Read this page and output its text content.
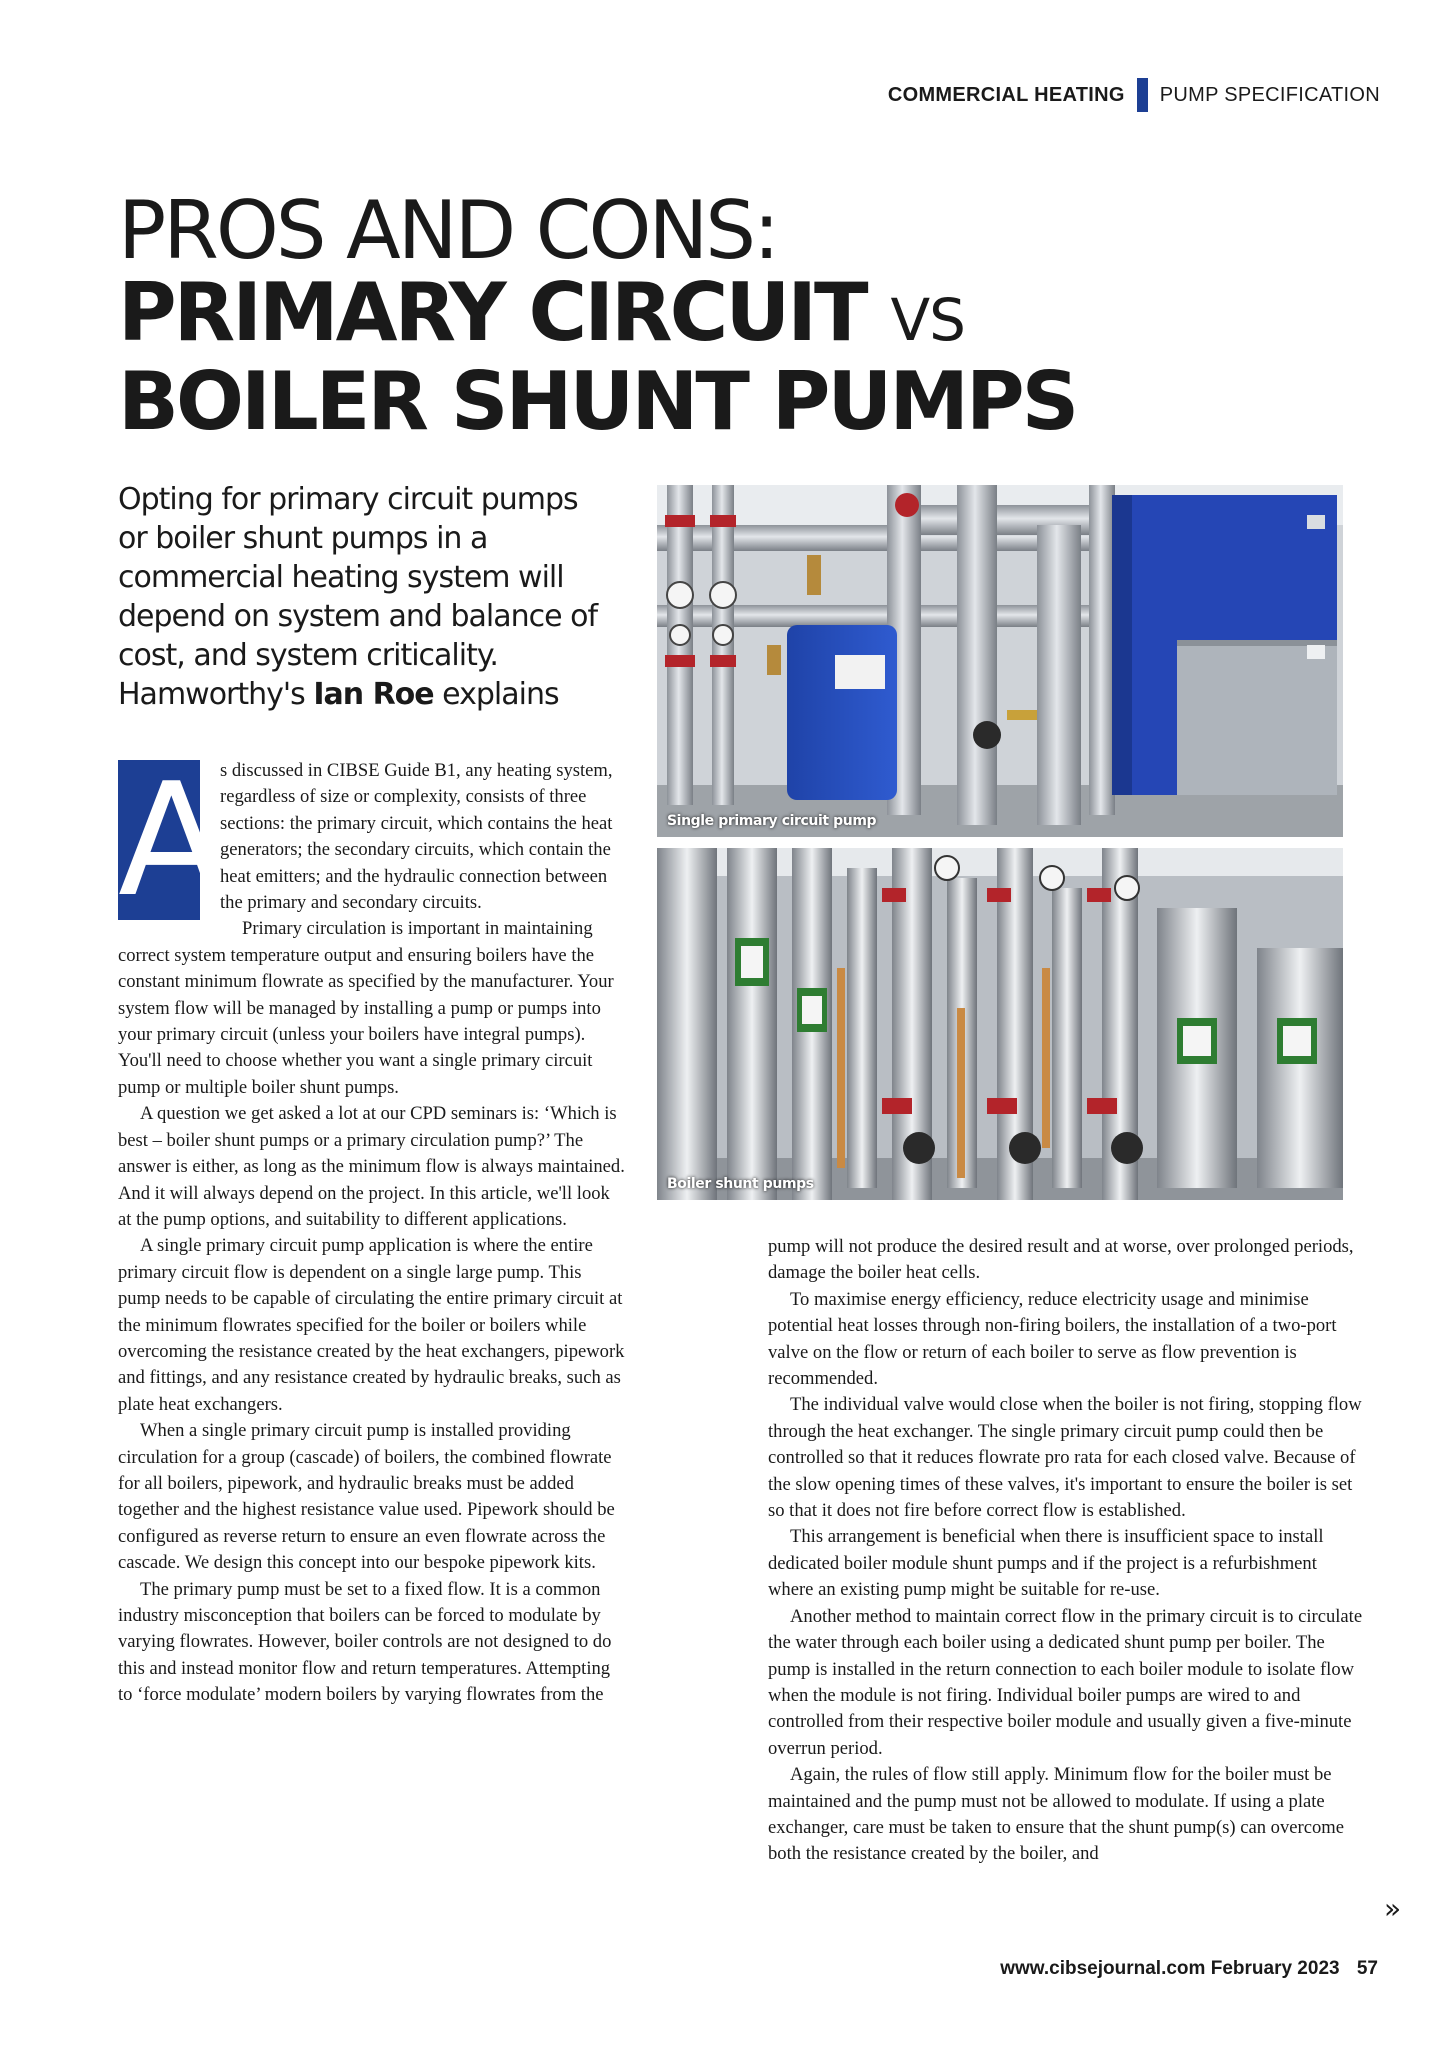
COMMERCIAL HEATING PUMP SPECIFICATION
PROS AND CONS:
PRIMARY CIRCUIT VS
BOILER SHUNT PUMPS
Opting for primary circuit pumps or boiler shunt pumps in a commercial heating system will depend on system and balance of cost, and system criticality. Hamworthy's Ian Roe explains
Single primary circuit pump
Boiler shunt pumps
A

s discussed in CIBSE Guide B1, any heating system, regardless of size or complexity, consists of three sections: the primary circuit, which contains the heat generators; the secondary circuits, which contain the heat emitters; and the hydraulic connection between the primary and secondary circuits.

Primary circulation is important in maintaining correct system temperature output and ensuring boilers have the constant minimum flowrate as specified by the manufacturer. Your system flow will be managed by installing a pump or pumps into your primary circuit (unless your boilers have integral pumps). You'll need to choose whether you want a single primary circuit pump or multiple boiler shunt pumps.

A question we get asked a lot at our CPD seminars is: ‘Which is best – boiler shunt pumps or a primary circulation pump?’ The answer is either, as long as the minimum flow is always maintained. And it will always depend on the project. In this article, we'll look at the pump options, and suitability to different applications.

A single primary circuit pump application is where the entire primary circuit flow is dependent on a single large pump. This pump needs to be capable of circulating the entire primary circuit at the minimum flowrates specified for the boiler or boilers while overcoming the resistance created by the heat exchangers, pipework and fittings, and any resistance created by hydraulic breaks, such as plate heat exchangers.

When a single primary circuit pump is installed providing circulation for a group (cascade) of boilers, the combined flowrate for all boilers, pipework, and hydraulic breaks must be added together and the highest resistance value used. Pipework should be configured as reverse return to ensure an even flowrate across the cascade. We design this concept into our bespoke pipework kits.

The primary pump must be set to a fixed flow. It is a common industry misconception that boilers can be forced to modulate by varying flowrates. However, boiler controls are not designed to do this and instead monitor flow and return temperatures. Attempting to ‘force modulate’ modern boilers by varying flowrates from the

pump will not produce the desired result and at worse, over prolonged periods, damage the boiler heat cells.

To maximise energy efficiency, reduce electricity usage and minimise potential heat losses through non-firing boilers, the installation of a two-port valve on the flow or return of each boiler to serve as flow prevention is recommended.

The individual valve would close when the boiler is not firing, stopping flow through the heat exchanger. The single primary circuit pump could then be controlled so that it reduces flowrate pro rata for each closed valve. Because of the slow opening times of these valves, it's important to ensure the boiler is set so that it does not fire before correct flow is established.

This arrangement is beneficial when there is insufficient space to install dedicated boiler module shunt pumps and if the project is a refurbishment where an existing pump might be suitable for re-use.

Another method to maintain correct flow in the primary circuit is to circulate the water through each boiler using a dedicated shunt pump per boiler. The pump is installed in the return connection to each boiler module to isolate flow when the module is not firing. Individual boiler pumps are wired to and controlled from their respective boiler module and usually given a five-minute overrun period.

Again, the rules of flow still apply. Minimum flow for the boiler must be maintained and the pump must not be allowed to modulate. If using a plate exchanger, care must be taken to ensure that the shunt pump(s) can overcome both the resistance created by the boiler, and

»
www.cibsejournal.com February 2023 57
